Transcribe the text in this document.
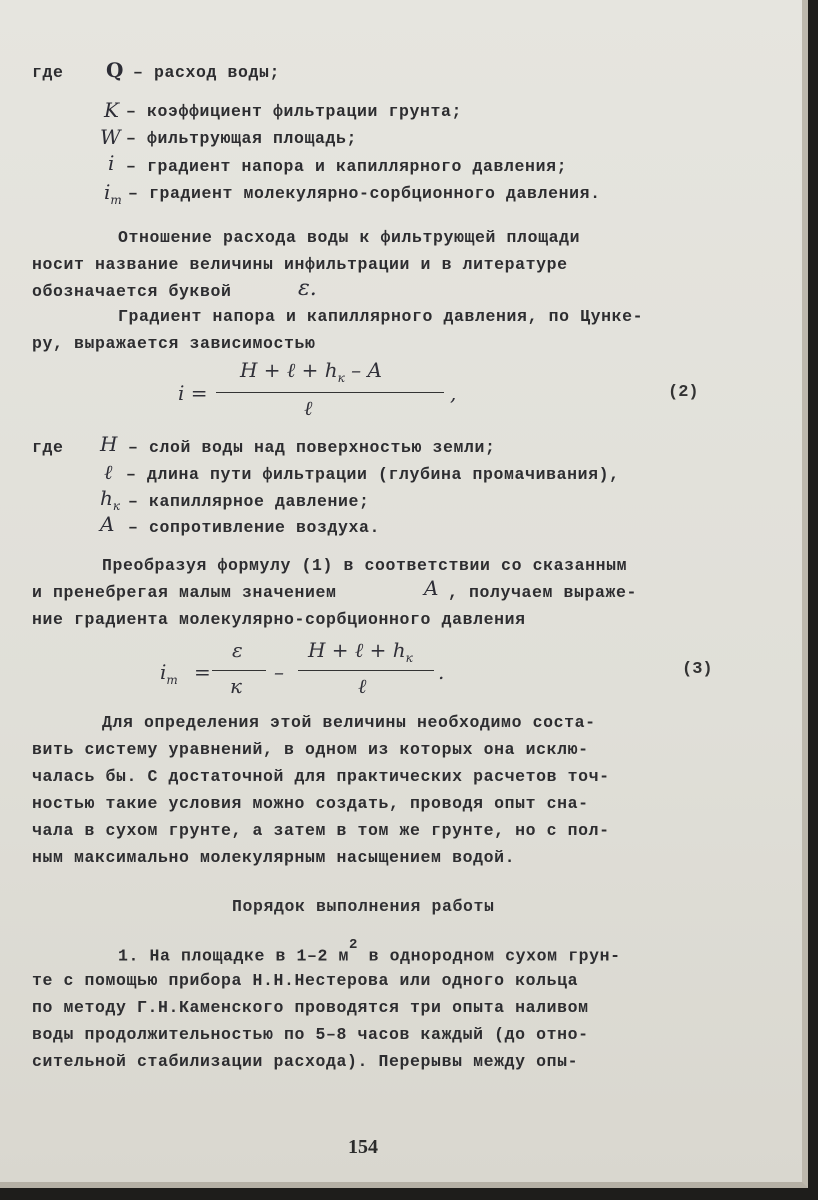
где Q – расход воды;
K – коэффициент фильтрации грунта;
W – фильтрующая площадь;
i – градиент напора и капиллярного давления;
$i_m$ – градиент молекулярно-сорбционного давления.
Отношение расхода воды к фильтрующей площади
носит название величины инфильтрации и в литературе
обозначается буквой	ε.
Градиент напора и капиллярного давления, по Цунке-
ру, выражается зависимостью
i =
H + ℓ + $h_к$ – A
ℓ
,	(2)
где H – слой воды над поверхностью земли;
ℓ – длина пути фильтрации (глубина промачивания),
$h_к$ – капиллярное давление;
A – сопротивление воздуха.
Преобразуя формулу (1) в соответствии со сказанным
и пренебрегая малым значением	A , получаем выраже-
ние градиента молекулярно-сорбционного давления
$i_m$ =
ε
к
–
H + ℓ + $h_к$
ℓ
.	(3)
Для определения этой величины необходимо соста-
вить систему уравнений, в одном из которых она исклю-
чалась бы. С достаточной для практических расчетов точ-
ностью такие условия можно создать, проводя опыт сна-
чала в сухом грунте, а затем в том же грунте, но с пол-
ным максимально молекулярным насыщением водой.
Порядок выполнения работы
1. На площадке в 1–2 $м^2$ в однородном сухом грун-
те с помощью прибора Н.Н.Нестерова или одного кольца
по методу Г.Н.Каменского проводятся три опыта наливом
воды продолжительностью по 5–8 часов каждый (до отно-
сительной стабилизации расхода). Перерывы между опы-
154
